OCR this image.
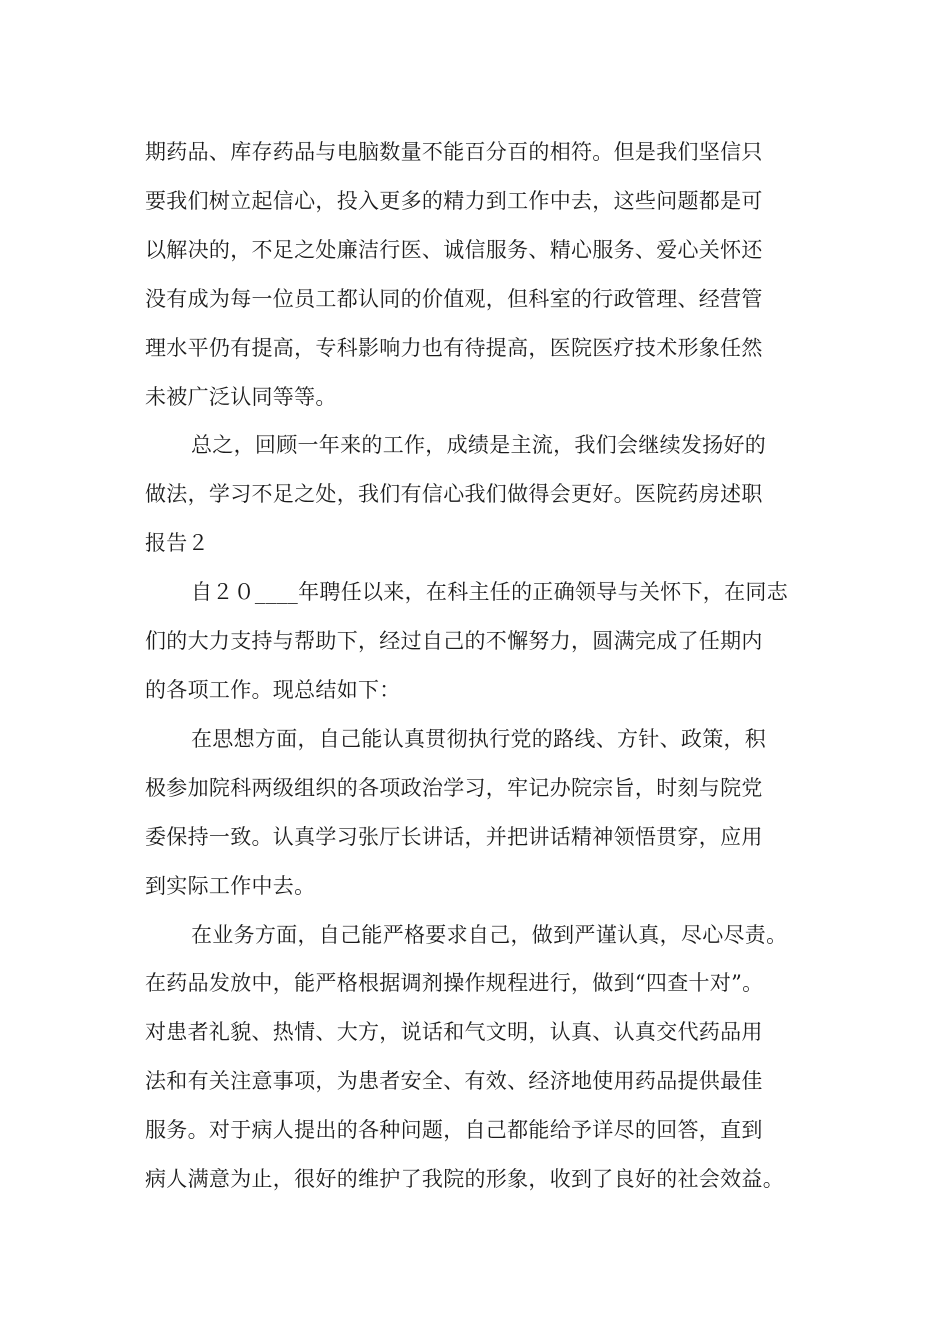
期药品、库存药品与电脑数量不能百分百的相符。但是我们坚信只
要我们树立起信心，投入更多的精力到工作中去，这些问题都是可
以解决的，不足之处廉洁行医、诚信服务、精心服务、爱心关怀还
没有成为每一位员工都认同的价值观，但科室的行政管理、经营管
理水平仍有提高，专科影响力也有待提高，医院医疗技术形象任然
未被广泛认同等等。
总之，回顾一年来的工作，成绩是主流，我们会继续发扬好的
做法，学习不足之处，我们有信心我们做得会更好。医院药房述职
报告２
自２０____年聘任以来，在科主任的正确领导与关怀下，在同志
们的大力支持与帮助下，经过自己的不懈努力，圆满完成了任期内
的各项工作。现总结如下：
在思想方面，自己能认真贯彻执行党的路线、方针、政策，积
极参加院科两级组织的各项政治学习，牢记办院宗旨，时刻与院党
委保持一致。认真学习张厅长讲话，并把讲话精神领悟贯穿，应用
到实际工作中去。
在业务方面，自己能严格要求自己，做到严谨认真，尽心尽责。
在药品发放中，能严格根据调剂操作规程进行，做到“四查十对”。
对患者礼貌、热情、大方，说话和气文明，认真、认真交代药品用
法和有关注意事项，为患者安全、有效、经济地使用药品提供最佳
服务。对于病人提出的各种问题，自己都能给予详尽的回答，直到
病人满意为止，很好的维护了我院的形象，收到了良好的社会效益。
